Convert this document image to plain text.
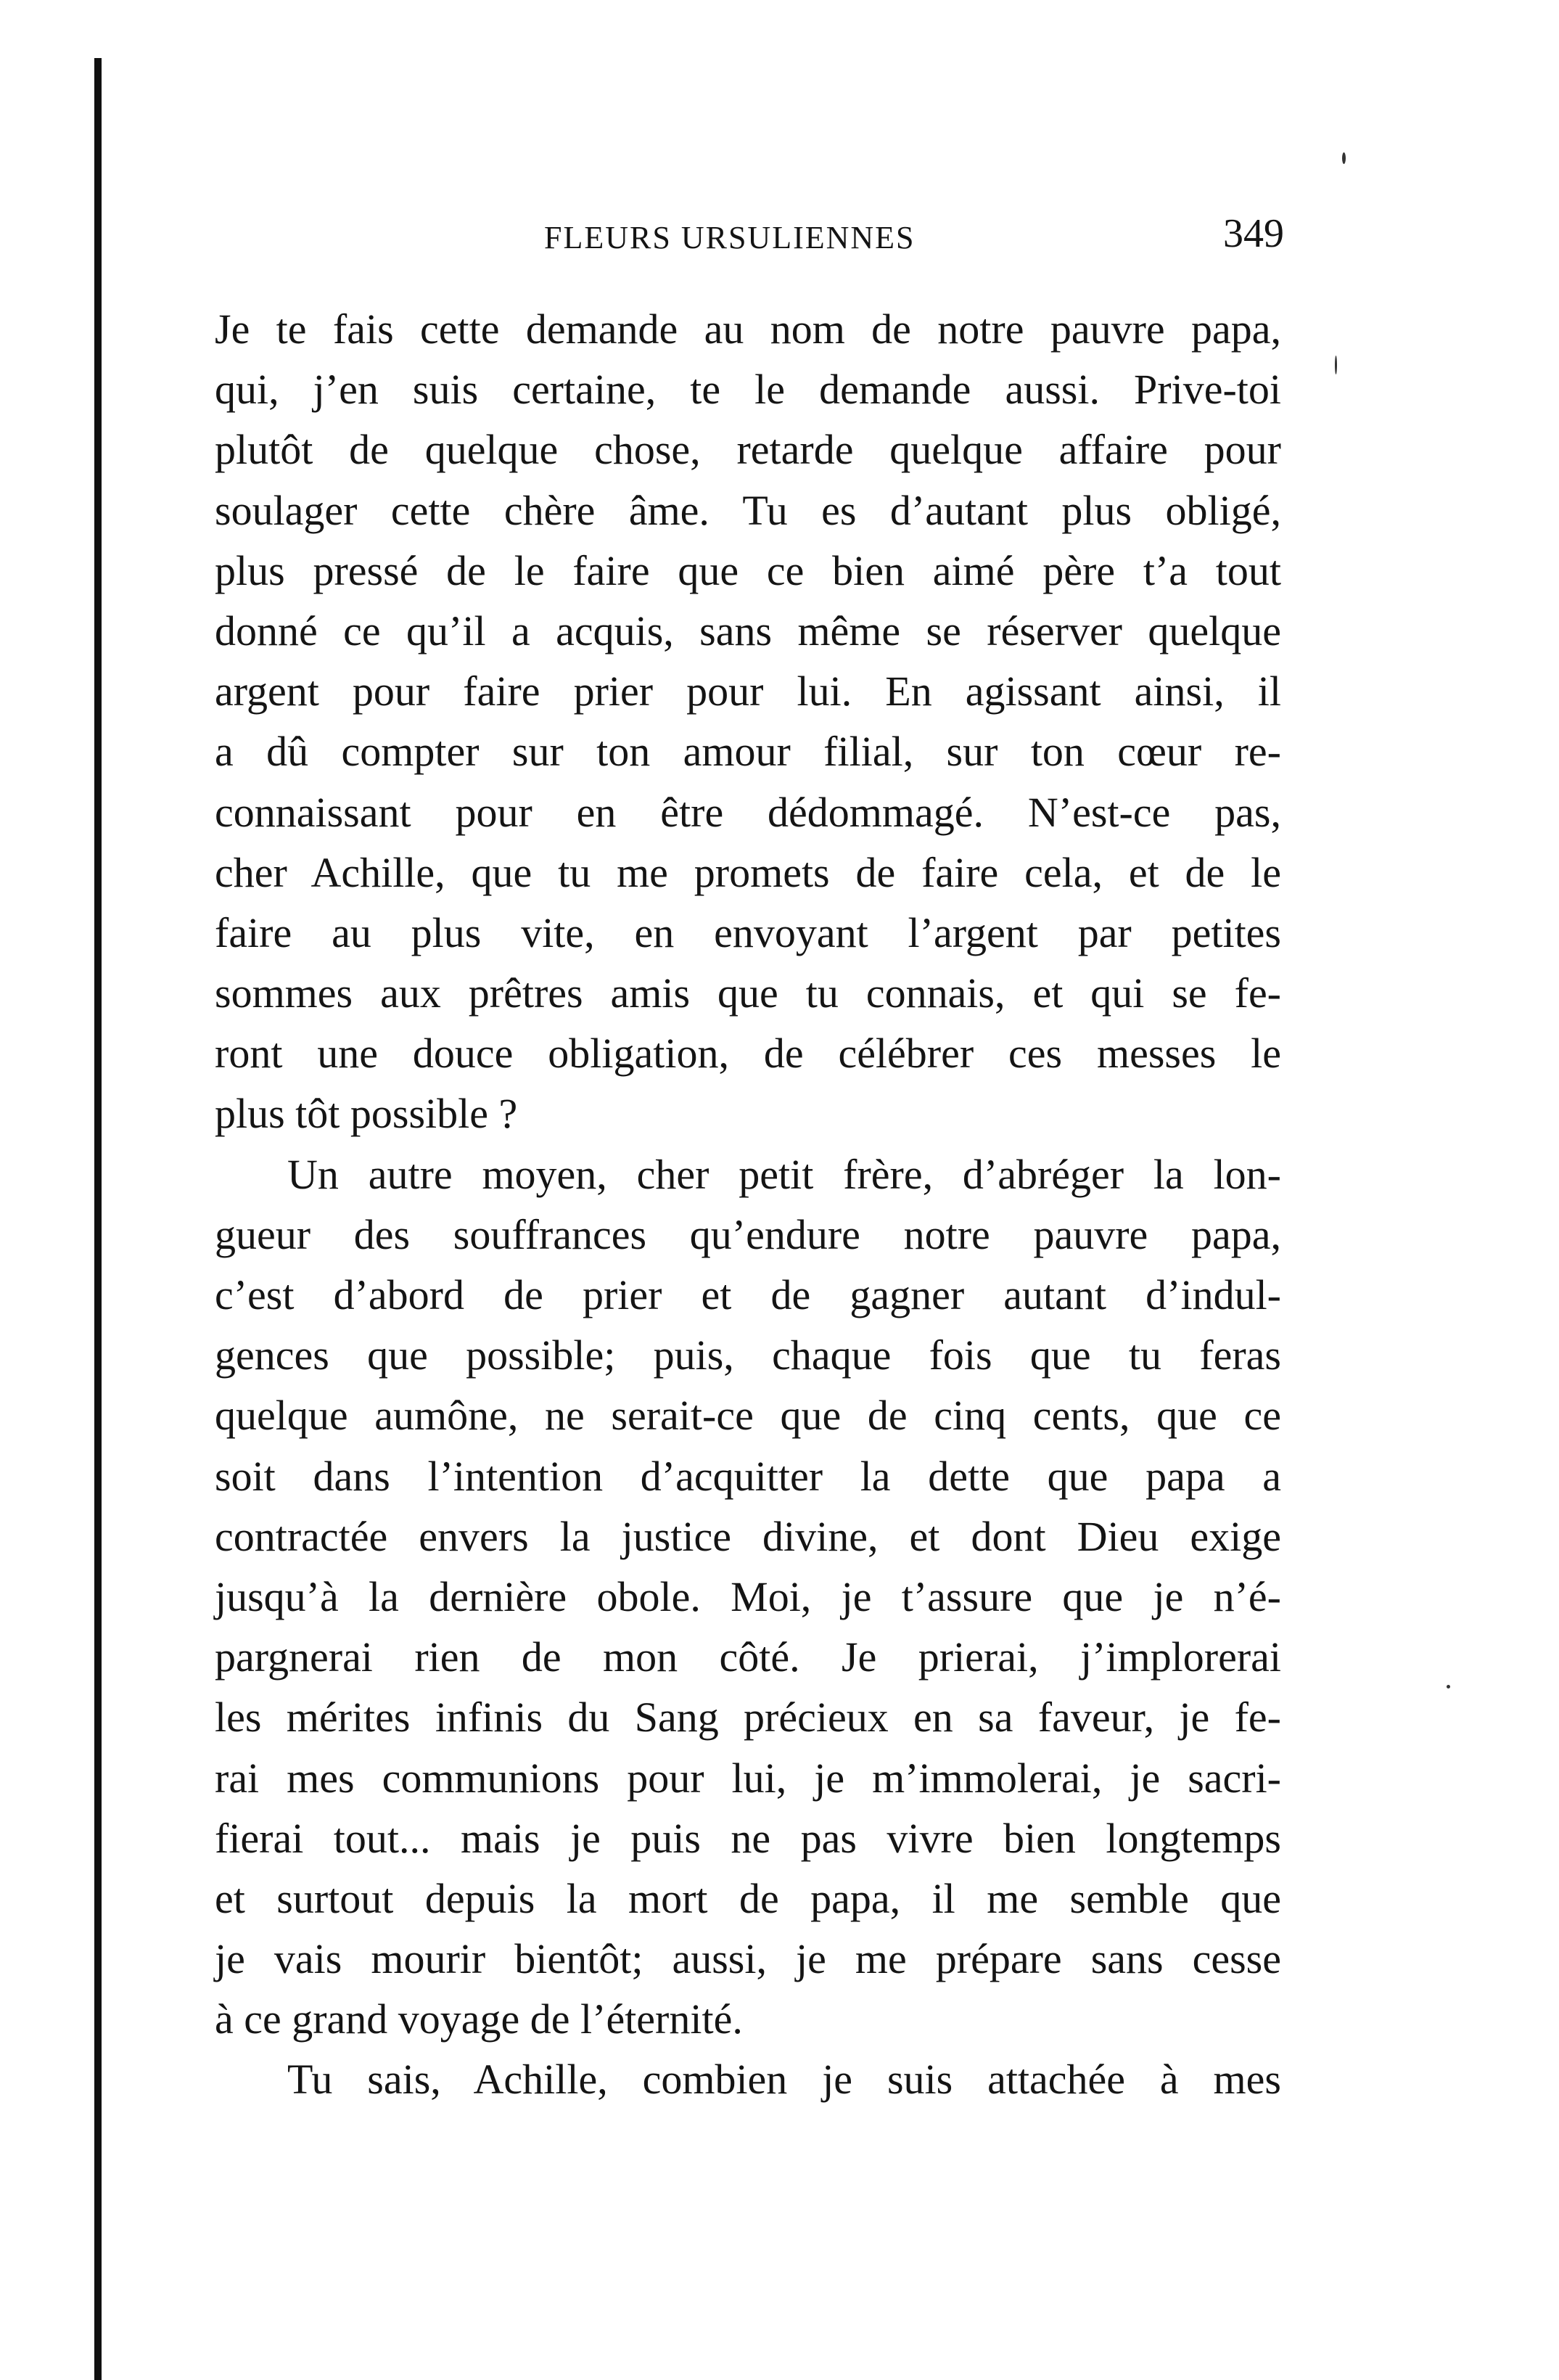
FLEURS URSULIENNES	349
Je te fais cette demande au nom de notre pauvre papa,
qui, j’en suis certaine, te le demande aussi. Prive-toi
plutôt de quelque chose, retarde quelque affaire pour
soulager cette chère âme. Tu es d’autant plus obligé,
plus pressé de le faire que ce bien aimé père t’a tout
donné ce qu’il a acquis, sans même se réserver quelque
argent pour faire prier pour lui. En agissant ainsi, il
a dû compter sur ton amour filial, sur ton cœur re-
connaissant pour en être dédommagé. N’est-ce pas,
cher Achille, que tu me promets de faire cela, et de le
faire au plus vite, en envoyant l’argent par petites
sommes aux prêtres amis que tu connais, et qui se fe-
ront une douce obligation, de célébrer ces messes le
plus tôt possible ?
Un autre moyen, cher petit frère, d’abréger la lon-
gueur des souffrances qu’endure notre pauvre papa,
c’est d’abord de prier et de gagner autant d’indul-
gences que possible; puis, chaque fois que tu feras
quelque aumône, ne serait-ce que de cinq cents, que ce
soit dans l’intention d’acquitter la dette que papa a
contractée envers la justice divine, et dont Dieu exige
jusqu’à la dernière obole. Moi, je t’assure que je n’é-
pargnerai rien de mon côté. Je prierai, j’implorerai
les mérites infinis du Sang précieux en sa faveur, je fe-
rai mes communions pour lui, je m’immolerai, je sacri-
fierai tout... mais je puis ne pas vivre bien longtemps
et surtout depuis la mort de papa, il me semble que
je vais mourir bientôt; aussi, je me prépare sans cesse
à ce grand voyage de l’éternité.
Tu sais, Achille, combien je suis attachée à mes
